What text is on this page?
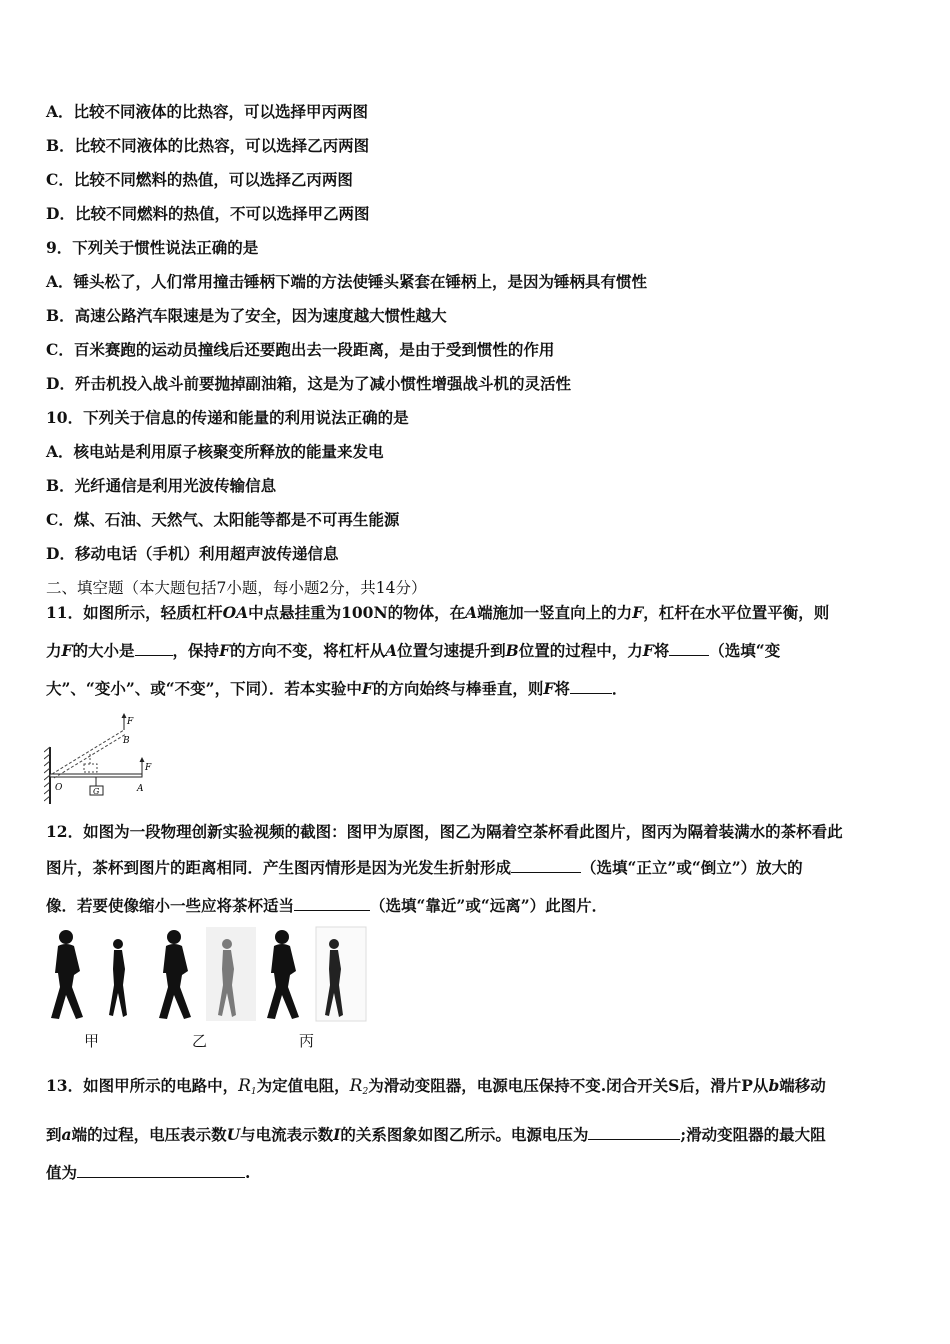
A．比较不同液体的比热容，可以选择甲丙两图
B．比较不同液体的比热容，可以选择乙丙两图
C．比较不同燃料的热值，可以选择乙丙两图
D．比较不同燃料的热值，不可以选择甲乙两图
9．下列关于惯性说法正确的是
A．锤头松了，人们常用撞击锤柄下端的方法使锤头紧套在锤柄上，是因为锤柄具有惯性
B．高速公路汽车限速是为了安全，因为速度越大惯性越大
C．百米赛跑的运动员撞线后还要跑出去一段距离，是由于受到惯性的作用
D．歼击机投入战斗前要抛掉副油箱，这是为了减小惯性增强战斗机的灵活性
10．下列关于信息的传递和能量的利用说法正确的是
A．核电站是利用原子核聚变所释放的能量来发电
B．光纤通信是利用光波传输信息
C．煤、石油、天然气、太阳能等都是不可再生能源
D．移动电话（手机）利用超声波传递信息
二、填空题（本大题包括7小题，每小题2分，共14分）
11．如图所示，轻质杠杆OA中点悬挂重为100N的物体，在A端施加一竖直向上的力F，杠杆在水平位置平衡，则
力F的大小是 ，保持F的方向不变，将杠杆从A位置匀速提升到B位置的过程中，力F将	（选填“变
大”、“变小”、或“不变”，下同）．若本实验中F的方向始终与棒垂直，则F将	．
F
B
F
O	G	A
12．如图为一段物理创新实验视频的截图：图甲为原图，图乙为隔着空茶杯看此图片，图丙为隔着装满水的茶杯看此
图片，茶杯到图片的距离相同．产生图丙情形是因为光发生折射形成	（选填“正立”或“倒立”）放大的
像．若要使像缩小一些应将茶杯适当	（选填“靠近”或“远离”）此图片．
甲	乙	丙
13．如图甲所示的电路中，$R_1$为定值电阻，$R_2$为滑动变阻器，电源电压保持不变.闭合开关S后，滑片P从b端移动
到a端的过程，电压表示数U与电流表示数I的关系图象如图乙所示。电源电压为	;滑动变阻器的最大阻
值为	.
